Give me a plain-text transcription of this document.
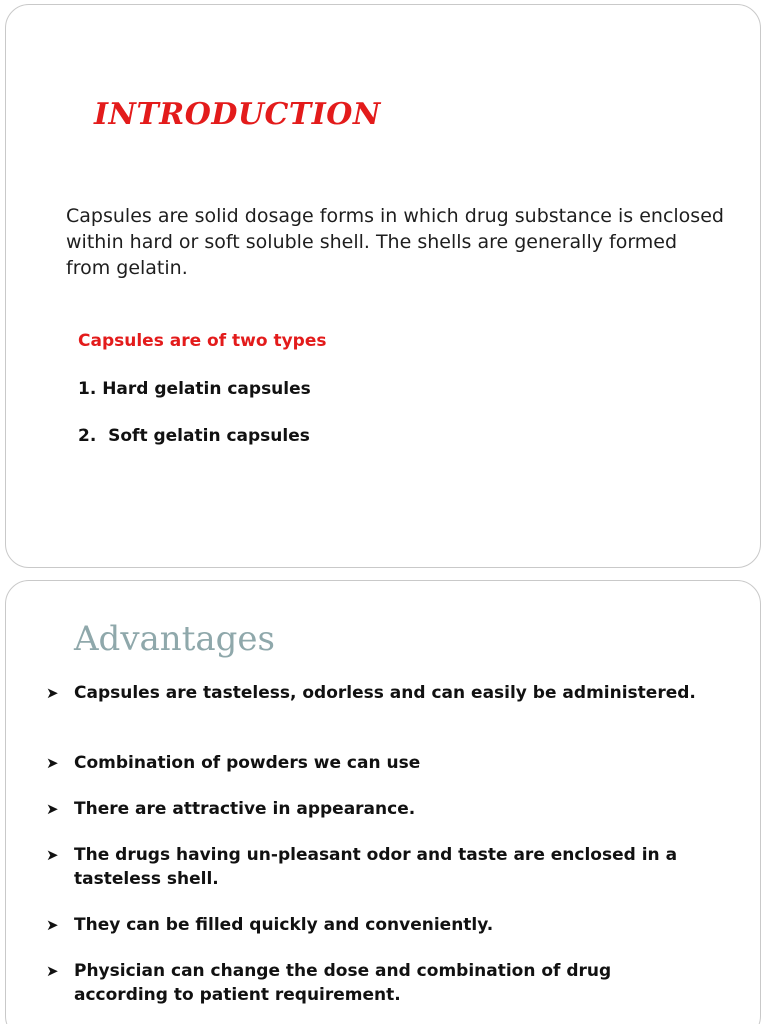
INTRODUCTION

Capsules are solid dosage forms in which drug substance is enclosed within hard or soft soluble shell. The shells are generally formed from gelatin.

Capsules are of two types

1. Hard gelatin capsules

2.  Soft gelatin capsules

Advantages
➤ Capsules are tasteless, odorless and can easily be administered.
➤ Combination of powders we can use
➤ There are attractive in appearance.
➤ The drugs having un-pleasant odor and taste are enclosed in a tasteless shell.
➤ They can be filled quickly and conveniently.
➤ Physician can change the dose and combination of drug according to patient requirement.
